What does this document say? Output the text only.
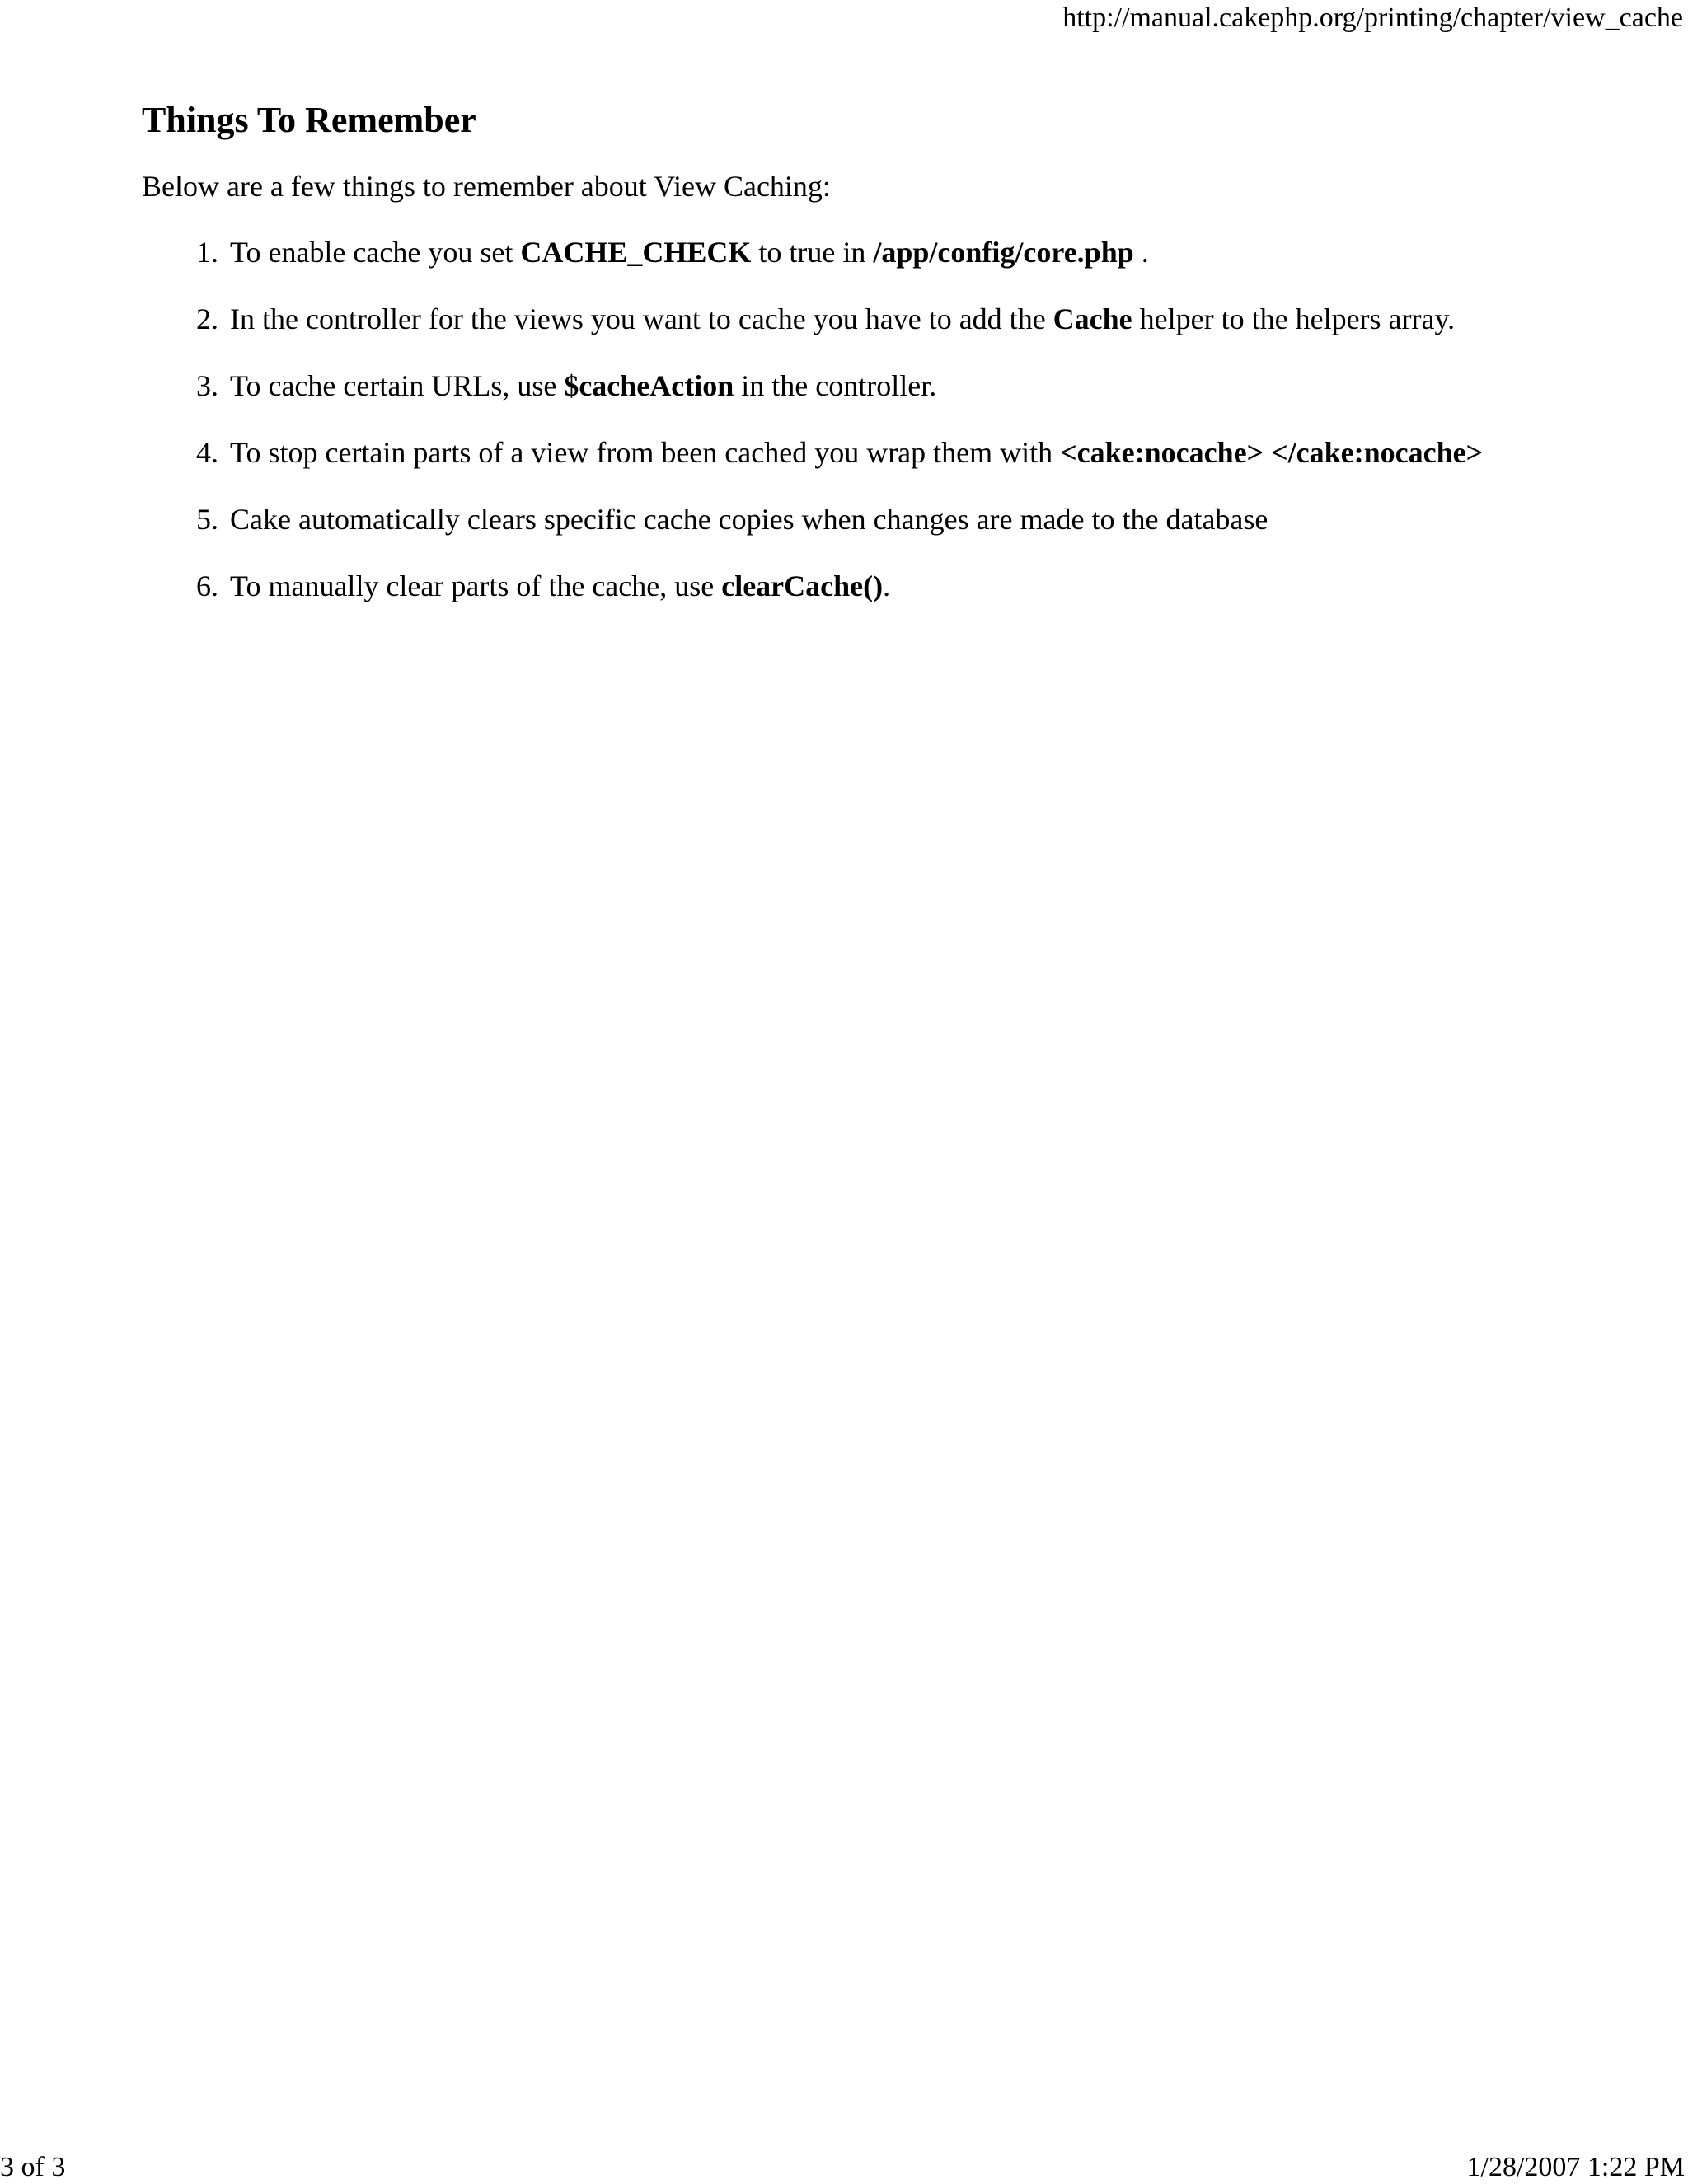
http://manual.cakephp.org/printing/chapter/view_cache
Things To Remember

Below are a few things to remember about View Caching:

1. To enable cache you set CACHE_CHECK to true in /app/config/core.php .
2. In the controller for the views you want to cache you have to add the Cache helper to the helpers array.
3. To cache certain URLs, use $cacheAction in the controller.
4. To stop certain parts of a view from been cached you wrap them with <cake:nocache> </cake:nocache>
5. Cake automatically clears specific cache copies when changes are made to the database
6. To manually clear parts of the cache, use clearCache().
3 of 3	1/28/2007 1:22 PM
